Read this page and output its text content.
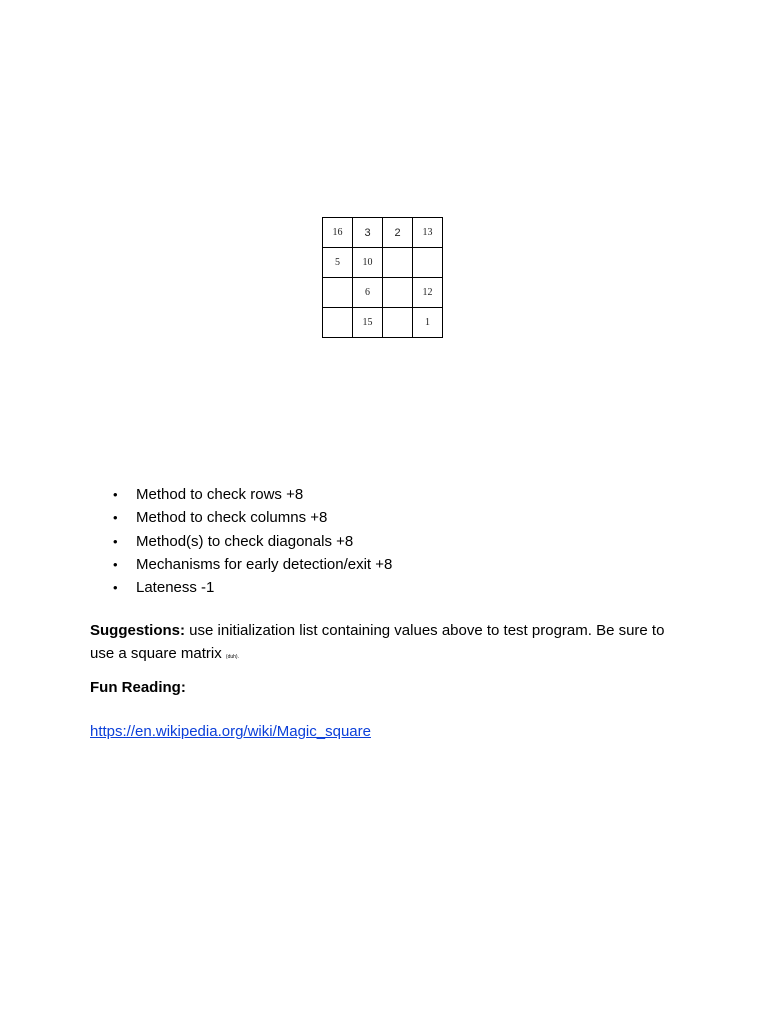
16	3	2	13
5	10		
	6		12
	15		1
• Method to check rows +8
• Method to check columns +8
• Method(s) to check diagonals +8
• Mechanisms for early detection/exit +8
• Lateness -1

Suggestions: use initialization list containing values above to test program. Be sure to use a square matrix (duh).

Fun Reading:

https://en.wikipedia.org/wiki/Magic_square
